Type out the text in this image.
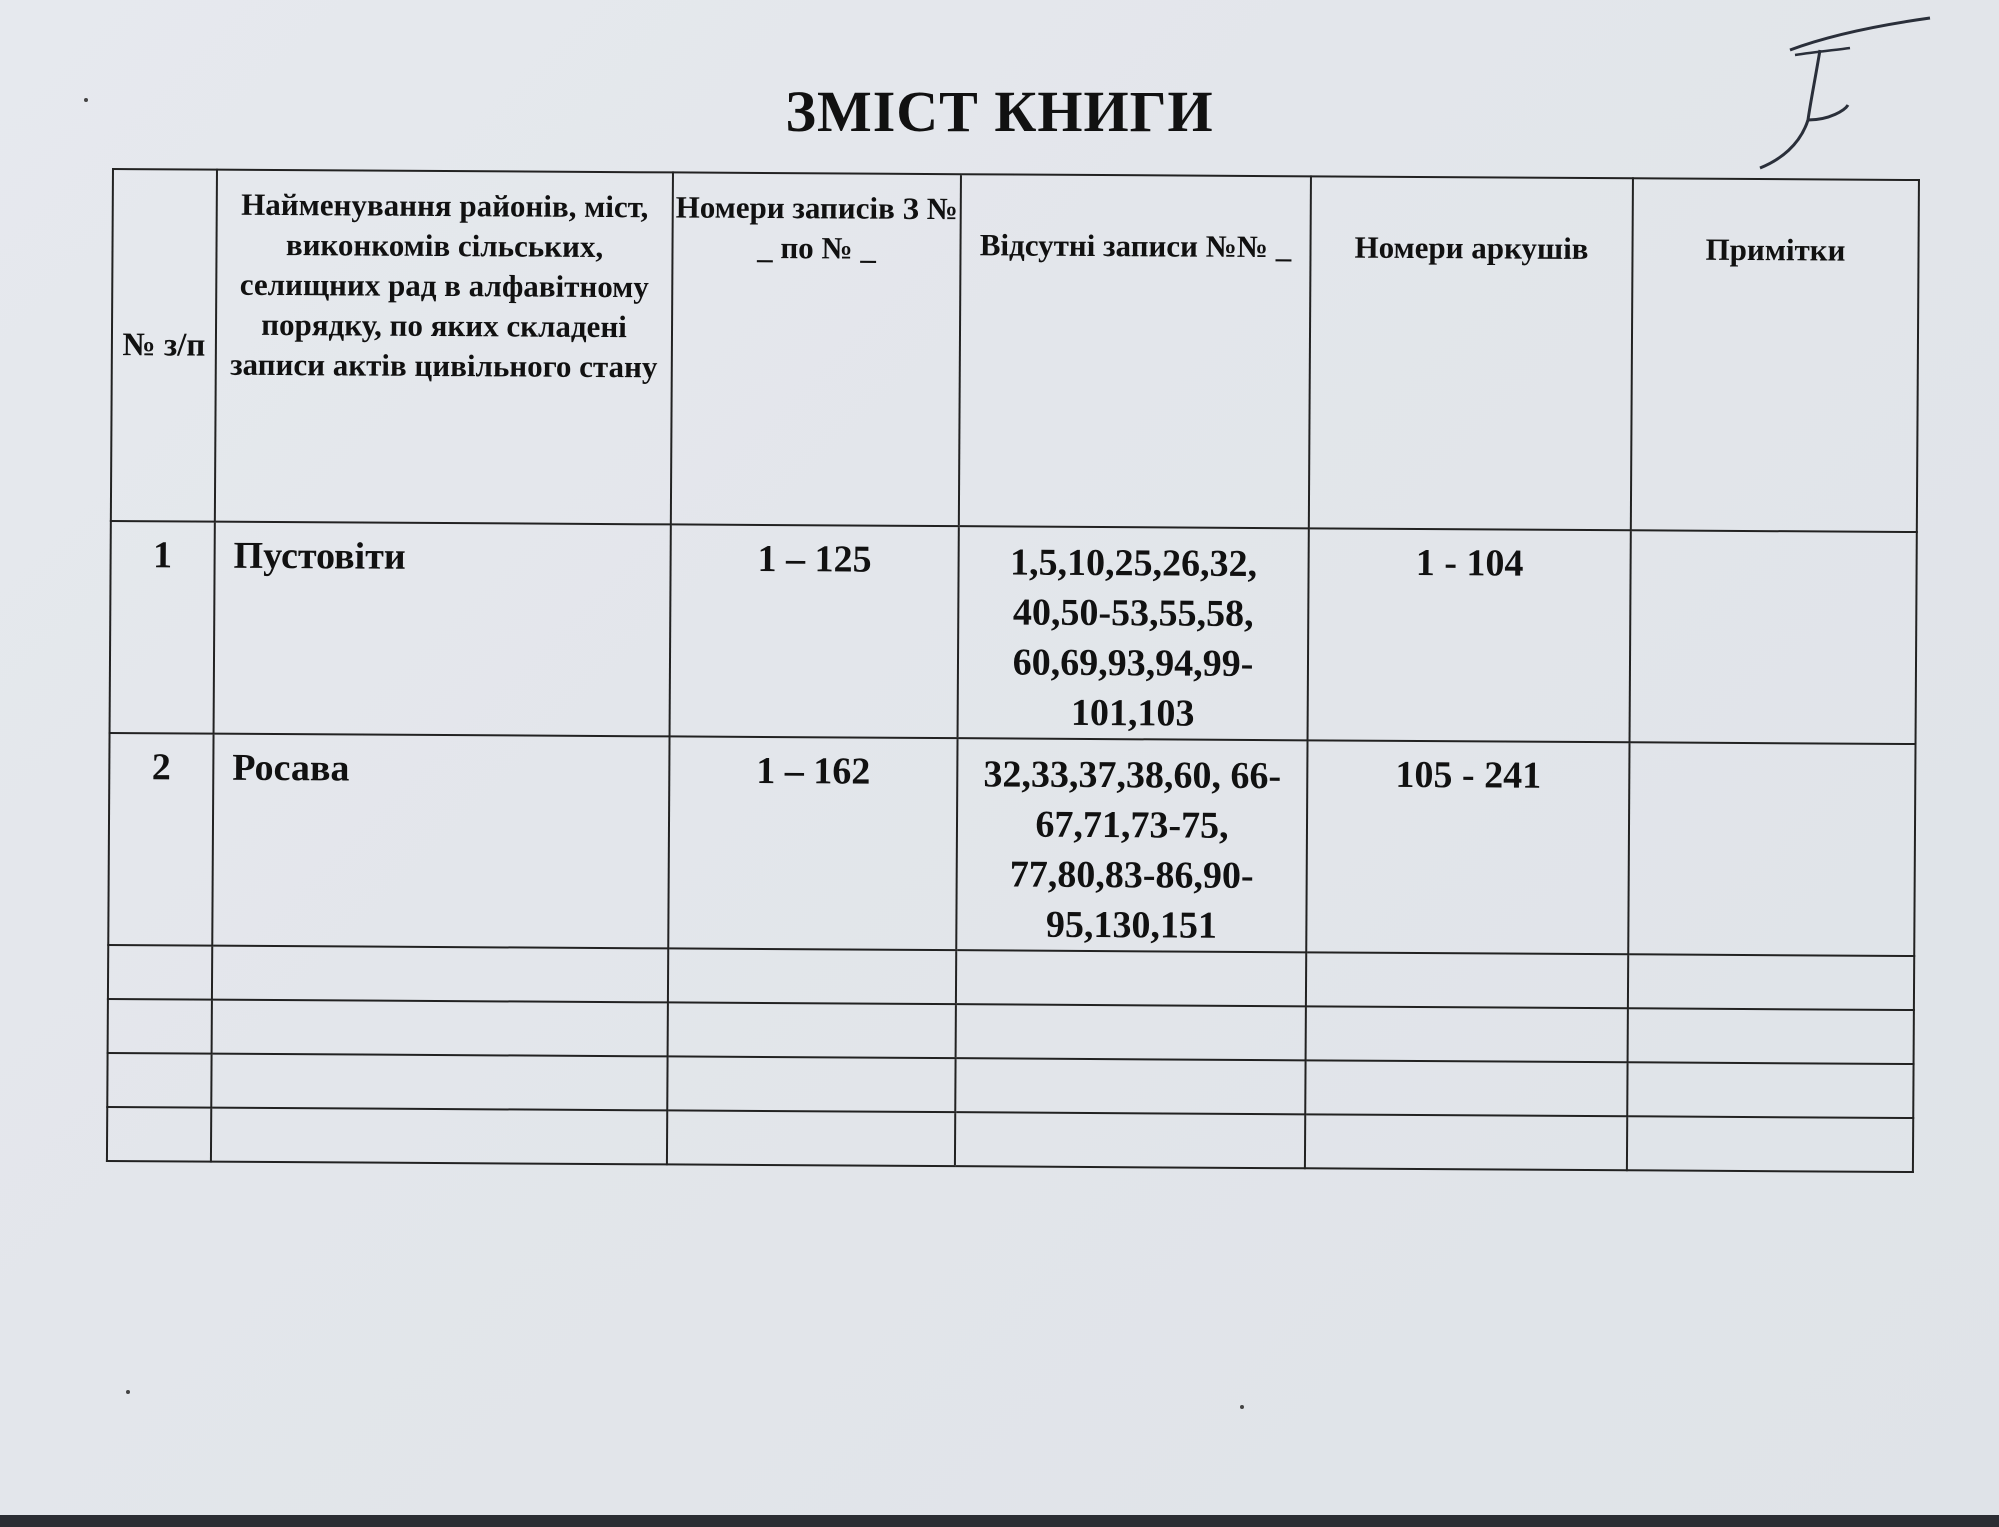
ЗМІСТ КНИГИ
№ з/п	Найменування районів, міст, виконкомів сільських, селищних рад в алфавітному порядку, по яких складені записи актів цивільного стану	Номери записів З № _ по № _	Відсутні записи №№ _	Номери аркушів	Примітки

1	Пустовіти	1 – 125	1,5,10,25,26,32, 40,50-53,55,58, 60,69,93,94,99- 101,103	1 - 104	
2	Росава	1 – 162	32,33,37,38,60, 66-67,71,73-75, 77,80,83-86,90- 95,130,151	105 - 241	
